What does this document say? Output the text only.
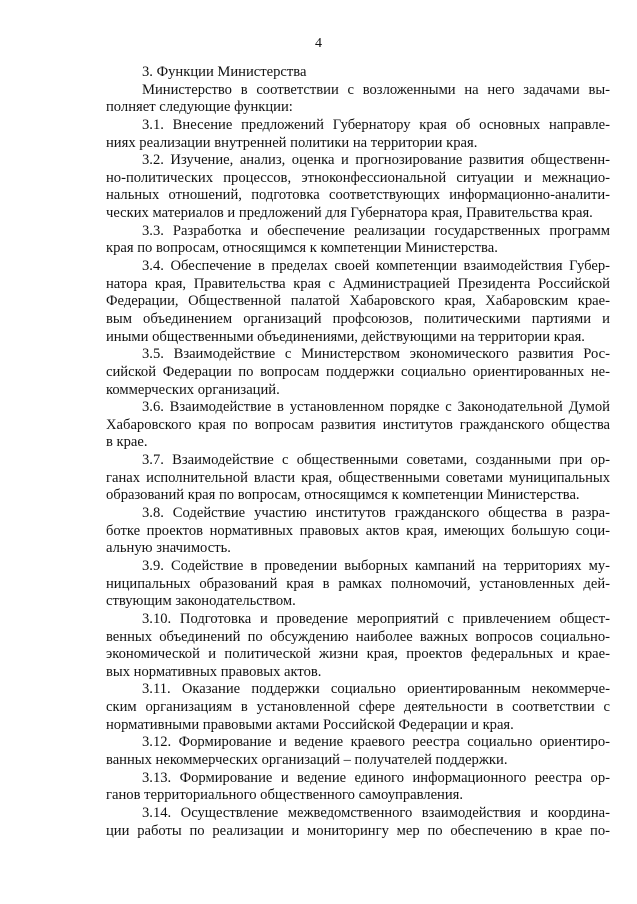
4
3. Функции Министерства
Министерство в соответствии с возложенными на него задачами вы-
полняет следующие функции:
3.1. Внесение предложений Губернатору края об основных направле-
ниях реализации внутренней политики на территории края.
3.2. Изучение, анализ, оценка и прогнозирование развития общественн-
но-политических процессов, этноконфессиональной ситуации и межнацио-
нальных отношений, подготовка соответствующих информационно-аналити-
ческих материалов и предложений для Губернатора края, Правительства края.
3.3. Разработка и обеспечение реализации государственных программ
края по вопросам, относящимся к компетенции Министерства.
3.4. Обеспечение в пределах своей компетенции взаимодействия Губер-
натора края, Правительства края с Администрацией Президента Российской
Федерации, Общественной палатой Хабаровского края, Хабаровским крае-
вым объединением организаций профсоюзов, политическими партиями и
иными общественными объединениями, действующими на территории края.
3.5. Взаимодействие с Министерством экономического развития Рос-
сийской Федерации по вопросам поддержки социально ориентированных не-
коммерческих организаций.
3.6. Взаимодействие в установленном порядке с Законодательной Думой
Хабаровского края по вопросам развития институтов гражданского общества
в крае.
3.7. Взаимодействие с общественными советами, созданными при ор-
ганах исполнительной власти края, общественными советами муниципальных
образований края по вопросам, относящимся к компетенции Министерства.
3.8. Содействие участию институтов гражданского общества в разра-
ботке проектов нормативных правовых актов края, имеющих большую соци-
альную значимость.
3.9. Содействие в проведении выборных кампаний на территориях му-
ниципальных образований края в рамках полномочий, установленных дей-
ствующим законодательством.
3.10. Подготовка и проведение мероприятий с привлечением общест-
венных объединений по обсуждению наиболее важных вопросов социально-
экономической и политической жизни края, проектов федеральных и крае-
вых нормативных правовых актов.
3.11. Оказание поддержки социально ориентированным некоммерче-
ским организациям в установленной сфере деятельности в соответствии с
нормативными правовыми актами Российской Федерации и края.
3.12. Формирование и ведение краевого реестра социально ориентиро-
ванных некоммерческих организаций – получателей поддержки.
3.13. Формирование и ведение единого информационного реестра ор-
ганов территориального общественного самоуправления.
3.14. Осуществление межведомственного взаимодействия и координа-
ции работы по реализации и мониторингу мер по обеспечению в крае по-
